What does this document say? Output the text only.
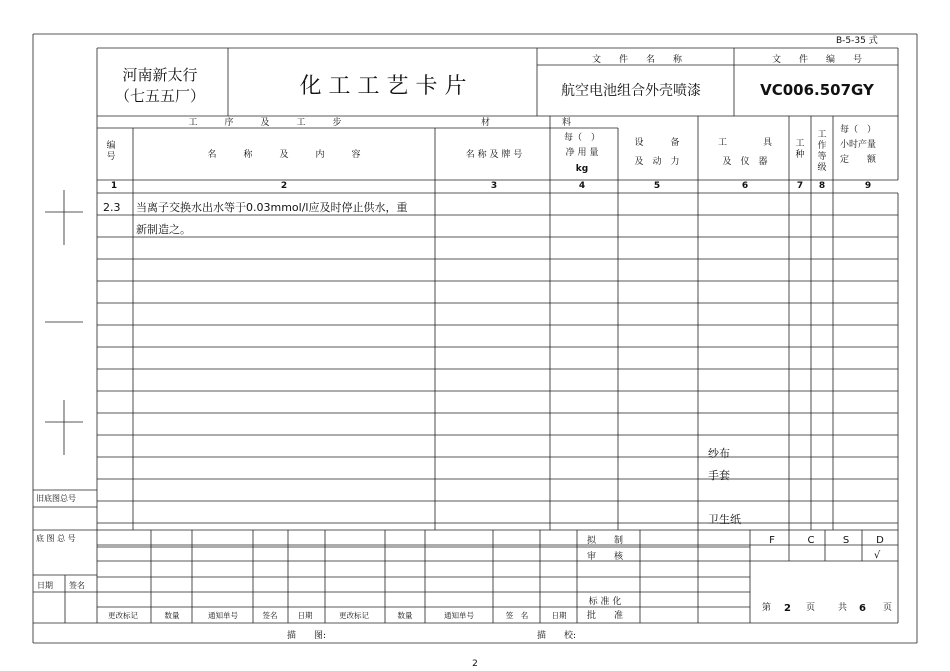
B-5-35 式
河南新太行
（七五五厂）	化 工 工 艺 卡 片
文　　件　　名　　称
航空电池组合外壳喷漆
文　　件　　编　　号
VC006.507GY
工　　　序　　　及　　　工　　　步	材　　　　　　　　料
编号	名　　　称　　　及　　　内　　　容	名 称 及 牌 号
每（　）
净 用 量
kg
设　　　备
及　动　力
工　　　　具
及　仪　器
工种
工作等级
每（　）
小时产量
定　　额
1	2	3	4	5	6	7 8	9
2.3 当离子交换水出水等于0.03mmol/l应及时停止供水，重
新制造之。
纱布
手套
卫生纸
旧底图总号
底 图 总 号
日期 签名
拟　　制
审　　核
标 准 化
批　　准
更改标记	数量	通知单号	签名	日期	更改标记	数量	通知单号	签　名	日期
F	C	S	D
√
第 2 页	共 6 页
描　　图:	描　　校:
2
